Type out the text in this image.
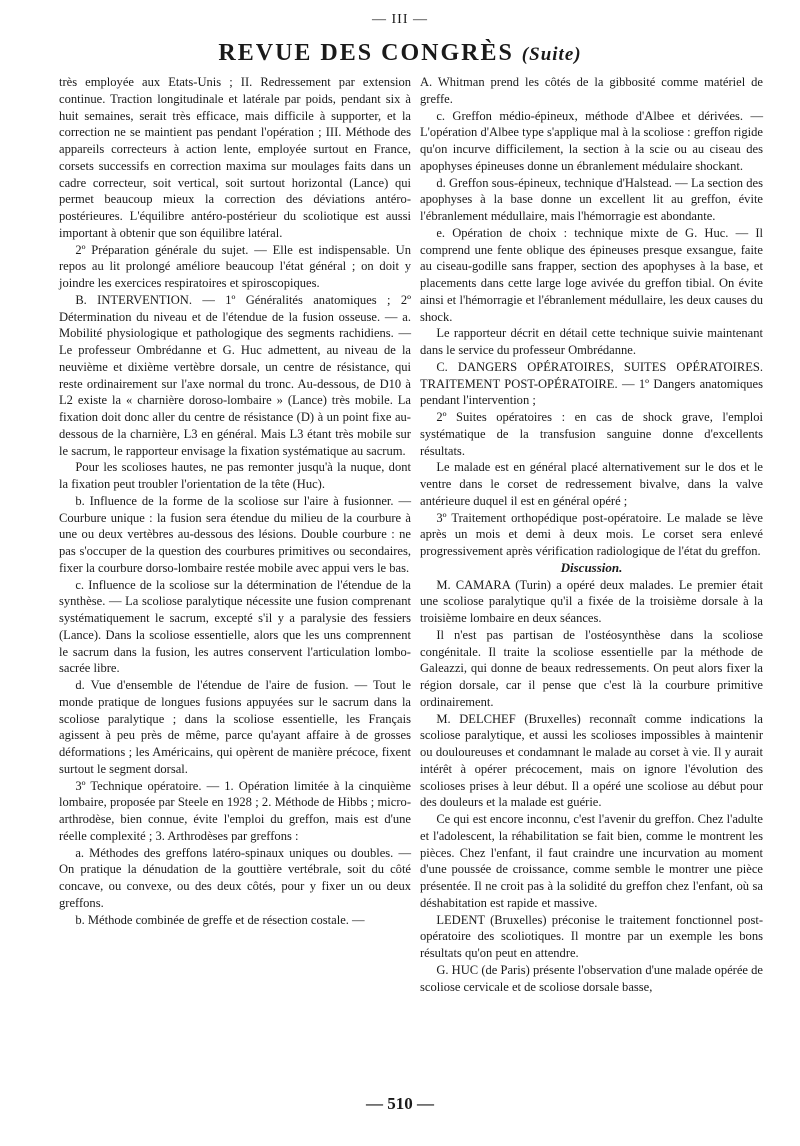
— III —
REVUE DES CONGRÈS (Suite)

très employée aux Etats-Unis ; II. Redressement par extension continue. Traction longitudinale et latérale par poids, pendant six à huit semaines, serait très efficace, mais difficile à supporter, et la correction ne se maintient pas pendant l'opération ; III. Méthode des appareils correcteurs à action lente, employée surtout en France, corsets successifs en correction maxima sur moulages faits dans un cadre correcteur, soit vertical, soit surtout horizontal (Lance) qui permet beaucoup mieux la correction des déviations antéro-postérieures. L'équilibre antéro-postérieur du scoliotique est aussi important à obtenir que son équilibre latéral.

2º Préparation générale du sujet. — Elle est indispensable. Un repos au lit prolongé améliore beaucoup l'état général ; on doit y joindre les exercices respiratoires et spiroscopiques.

B. INTERVENTION. — 1º Généralités anatomiques ; 2º Détermination du niveau et de l'étendue de la fusion osseuse. — a. Mobilité physiologique et pathologique des segments rachidiens. — Le professeur Ombrédanne et G. Huc admettent, au niveau de la neuvième et dixième vertèbre dorsale, un centre de résistance, qui reste ordinairement sur l'axe normal du tronc. Au-dessous, de D10 à L2 existe la « charnière doroso-lombaire » (Lance) très mobile. La fixation doit donc aller du centre de résistance (D) à un point fixe au-dessous de la charnière, L3 en général. Mais L3 étant très mobile sur le sacrum, le rapporteur envisage la fixation systématique au sacrum.

Pour les scolioses hautes, ne pas remonter jusqu'à la nuque, dont la fixation peut troubler l'orientation de la tête (Huc).

b. Influence de la forme de la scoliose sur l'aire à fusionner. — Courbure unique : la fusion sera étendue du milieu de la courbure à une ou deux vertèbres au-dessous des lésions. Double courbure : ne pas s'occuper de la question des courbures primitives ou secondaires, fixer la courbure dorso-lombaire restée mobile avec appui vers le bas.

c. Influence de la scoliose sur la détermination de l'étendue de la synthèse. — La scoliose paralytique nécessite une fusion comprenant systématiquement le sacrum, excepté s'il y a paralysie des fessiers (Lance). Dans la scoliose essentielle, alors que les uns comprennent le sacrum dans la fusion, les autres conservent l'articulation lombo-sacrée libre.

d. Vue d'ensemble de l'étendue de l'aire de fusion. — Tout le monde pratique de longues fusions appuyées sur le sacrum dans la scoliose paralytique ; dans la scoliose essentielle, les Français agissent à peu près de même, parce qu'ayant affaire à de grosses déformations ; les Américains, qui opèrent de manière précoce, fixent surtout le segment dorsal.

3º Technique opératoire. — 1. Opération limitée à la cinquième lombaire, proposée par Steele en 1928 ; 2. Méthode de Hibbs ; micro-arthrodèse, bien connue, évite l'emploi du greffon, mais est d'une réelle complexité ; 3. Arthrodèses par greffons :

a. Méthodes des greffons latéro-spinaux uniques ou doubles. — On pratique la dénudation de la gouttière vertébrale, soit du côté concave, ou convexe, ou des deux côtés, pour y fixer un ou deux greffons.

b. Méthode combinée de greffe et de résection costale. —

A. Whitman prend les côtés de la gibbosité comme matériel de greffe.

c. Greffon médio-épineux, méthode d'Albee et dérivées. — L'opération d'Albee type s'applique mal à la scoliose : greffon rigide qu'on incurve difficilement, la section à la scie ou au ciseau des apophyses épineuses donne un ébranlement médulaire shockant.

d. Greffon sous-épineux, technique d'Halstead. — La section des apophyses à la base donne un excellent lit au greffon, évite l'ébranlement médullaire, mais l'hémorragie est abondante.

e. Opération de choix : technique mixte de G. Huc. — Il comprend une fente oblique des épineuses presque exsangue, faite au ciseau-godille sans frapper, section des apophyses à la base, et placements dans cette large loge avivée du greffon tibial. On évite ainsi et l'hémorragie et l'ébranlement médullaire, les deux causes du shock.

Le rapporteur décrit en détail cette technique suivie maintenant dans le service du professeur Ombrédanne.

C. DANGERS OPÉRATOIRES, SUITES OPÉRATOIRES. TRAITEMENT POST-OPÉRATOIRE. — 1º Dangers anatomiques pendant l'intervention ;

2º Suites opératoires : en cas de shock grave, l'emploi systématique de la transfusion sanguine donne d'excellents résultats.

Le malade est en général placé alternativement sur le dos et le ventre dans le corset de redressement bivalve, dans la valve antérieure duquel il est en général opéré ;

3º Traitement orthopédique post-opératoire. Le malade se lève après un mois et demi à deux mois. Le corset sera enlevé progressivement après vérification radiologique de l'état du greffon.

Discussion.

M. CAMARA (Turin) a opéré deux malades. Le premier était une scoliose paralytique qu'il a fixée de la troisième dorsale à la troisième lombaire en deux séances.

Il n'est pas partisan de l'ostéosynthèse dans la scoliose congénitale. Il traite la scoliose essentielle par la méthode de Galeazzi, qui donne de beaux redressements. On peut alors fixer la région dorsale, car il pense que c'est là la courbure primitive ordinairement.

M. DELCHEF (Bruxelles) reconnaît comme indications la scoliose paralytique, et aussi les scolioses impossibles à maintenir ou douloureuses et condamnant le malade au corset à vie. Il y aurait intérêt à opérer précocement, mais on ignore l'évolution des scolioses prises à leur début. Il a opéré une scoliose au début pour des douleurs et la malade est guérie.

Ce qui est encore inconnu, c'est l'avenir du greffon. Chez l'adulte et l'adolescent, la réhabilitation se fait bien, comme le montrent les pièces. Chez l'enfant, il faut craindre une incurvation au moment d'une poussée de croissance, comme semble le montrer une pièce présentée. Il ne croit pas à la solidité du greffon chez l'enfant, où sa déshabitation est rapide et massive.

LEDENT (Bruxelles) préconise le traitement fonctionnel post-opératoire des scoliotiques. Il montre par un exemple les bons résultats qu'on peut en attendre.

G. HUC (de Paris) présente l'observation d'une malade opérée de scoliose cervicale et de scoliose dorsale basse,

— 510 —
